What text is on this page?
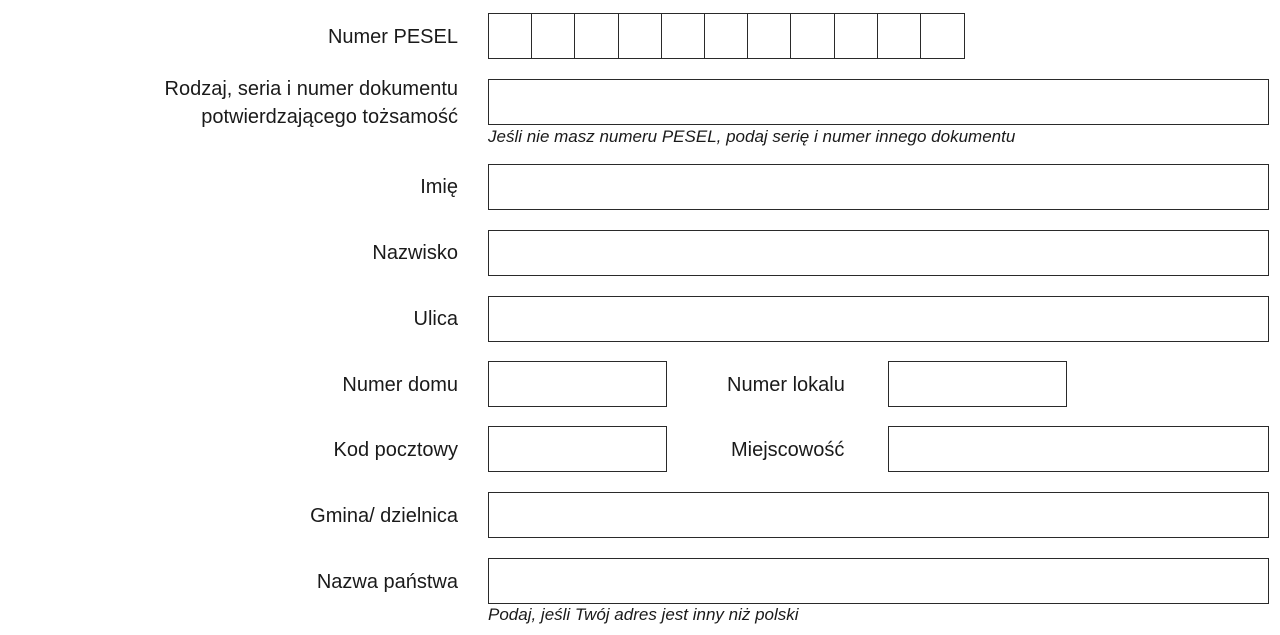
Numer PESEL
Rodzaj, seria i numer dokumentu
potwierdzającego tożsamość
Jeśli nie masz numeru PESEL, podaj serię i numer innego dokumentu
Imię
Nazwisko
Ulica
Numer domu	Numer lokalu
Kod pocztowy	Miejscowość
Gmina/ dzielnica
Nazwa państwa
Podaj, jeśli Twój adres jest inny niż polski
